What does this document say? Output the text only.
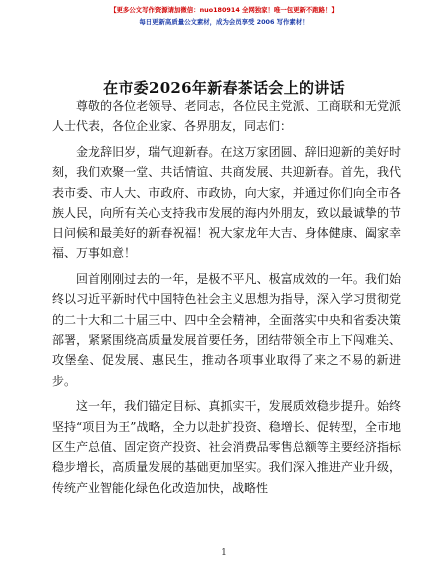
【更多公文写作资源请加微信：nuo180914 全网独家！唯一包更新不跑路！】
每日更新高质量公文素材，成为会员享受 2006 写作素材！
在市委2026年新春茶话会上的讲话

尊敬的各位老领导、老同志，各位民主党派、工商联和无党派人士代表，各位企业家、各界朋友，同志们：

金龙辞旧岁，瑞气迎新春。在这万家团圆、辞旧迎新的美好时刻，我们欢聚一堂、共话情谊、共商发展、共迎新春。首先，我代表市委、市人大、市政府、市政协，向大家，并通过你们向全市各族人民，向所有关心支持我市发展的海内外朋友，致以最诚挚的节日问候和最美好的新春祝福！祝大家龙年大吉、身体健康、阖家幸福、万事如意！

回首刚刚过去的一年，是极不平凡、极富成效的一年。我们始终以习近平新时代中国特色社会主义思想为指导，深入学习贯彻党的二十大和二十届三中、四中全会精神，全面落实中央和省委决策部署，紧紧围绕高质量发展首要任务，团结带领全市上下闯难关、攻堡垒、促发展、惠民生，推动各项事业取得了来之不易的新进步。

这一年，我们锚定目标、真抓实干，发展质效稳步提升。始终坚持“项目为王”战略，全力以赴扩投资、稳增长、促转型，全市地区生产总值、固定资产投资、社会消费品零售总额等主要经济指标稳步增长，高质量发展的基础更加坚实。我们深入推进产业升级，传统产业智能化绿色化改造加快，战略性

1
